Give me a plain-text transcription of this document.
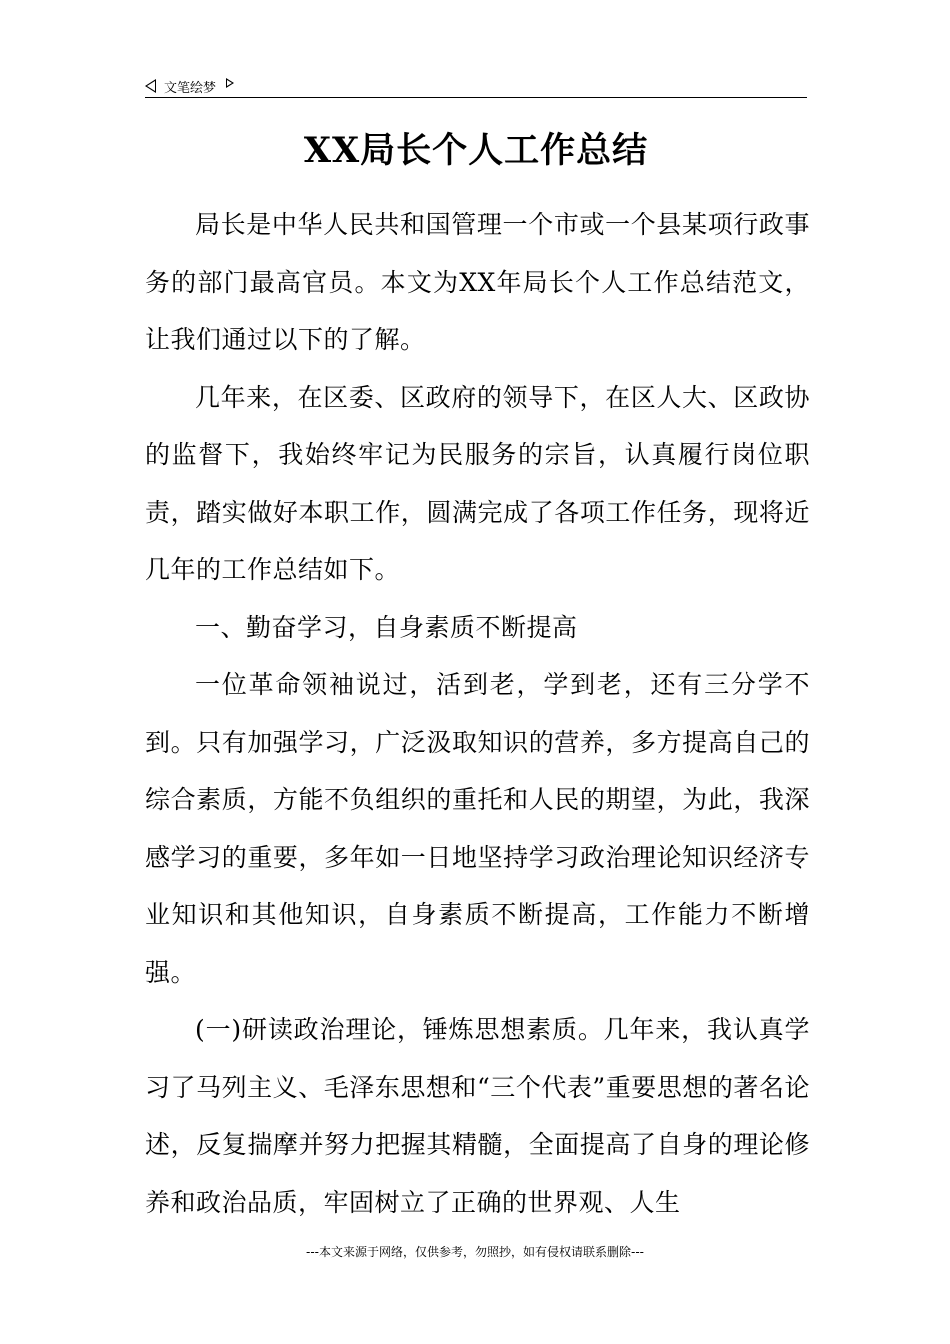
文笔绘梦
XX局长个人工作总结

局长是中华人民共和国管理一个市或一个县某项行政事务的部门最高官员。本文为XX年局长个人工作总结范文，让我们通过以下的了解。

几年来，在区委、区政府的领导下，在区人大、区政协的监督下，我始终牢记为民服务的宗旨，认真履行岗位职责，踏实做好本职工作，圆满完成了各项工作任务，现将近几年的工作总结如下。

一、勤奋学习，自身素质不断提高

一位革命领袖说过，活到老，学到老，还有三分学不到。只有加强学习，广泛汲取知识的营养，多方提高自己的综合素质，方能不负组织的重托和人民的期望，为此，我深感学习的重要，多年如一日地坚持学习政治理论知识经济专业知识和其他知识，自身素质不断提高，工作能力不断增强。

(一)研读政治理论，锤炼思想素质。几年来，我认真学习了马列主义、毛泽东思想和“三个代表”重要思想的著名论述，反复揣摩并努力把握其精髓，全面提高了自身的理论修养和政治品质，牢固树立了正确的世界观、人生

---本文来源于网络，仅供参考，勿照抄，如有侵权请联系删除---
